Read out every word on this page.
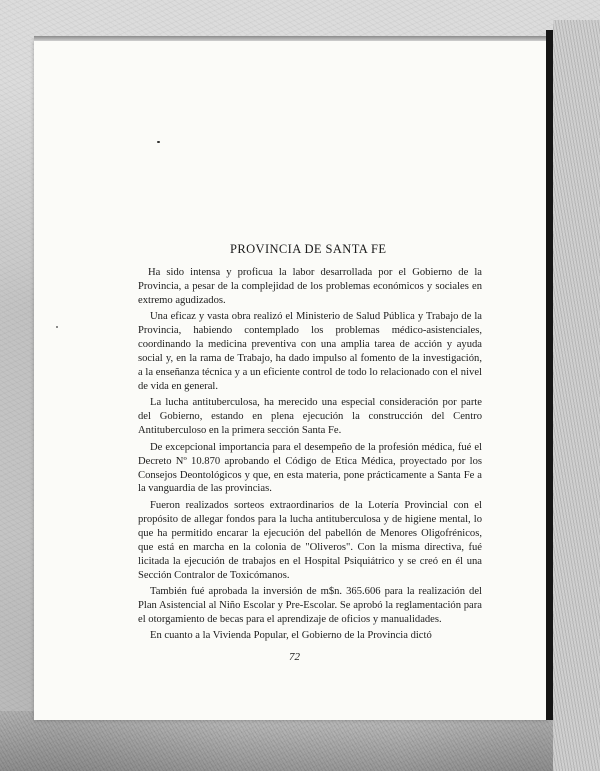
PROVINCIA DE SANTA FE

Ha sido intensa y proficua la labor desarrollada por el Gobierno de la Provincia, a pesar de la complejidad de los problemas económicos y sociales en extremo agudizados.

Una eficaz y vasta obra realizó el Ministerio de Salud Pública y Trabajo de la Provincia, habiendo contemplado los problemas médico-asistenciales, coordinando la medicina preventiva con una amplia tarea de acción y ayuda social y, en la rama de Trabajo, ha dado impulso al fomento de la investigación, a la enseñanza técnica y a un eficiente control de todo lo relacionado con el nivel de vida en general.

La lucha antituberculosa, ha merecido una especial consideración por parte del Gobierno, estando en plena ejecución la construcción del Centro Antituberculoso en la primera sección Santa Fe.

De excepcional importancia para el desempeño de la profesión médica, fué el Decreto Nº 10.870 aprobando el Código de Etica Médica, proyectado por los Consejos Deontológicos y que, en esta materia, pone prácticamente a Santa Fe a la vanguardia de las provincias.

Fueron realizados sorteos extraordinarios de la Lotería Provincial con el propósito de allegar fondos para la lucha antituberculosa y de higiene mental, lo que ha permitido encarar la ejecución del pabellón de Menores Oligofrénicos, que está en marcha en la colonia de "Oliveros". Con la misma directiva, fué licitada la ejecución de trabajos en el Hospital Psiquiátrico y se creó en él una Sección Contralor de Toxicómanos.

También fué aprobada la inversión de m$n. 365.606 para la realización del Plan Asistencial al Niño Escolar y Pre-Escolar. Se aprobó la reglamentación para el otorgamiento de becas para el aprendizaje de oficios y manualidades.

En cuanto a la Vivienda Popular, el Gobierno de la Provincia dictó

72
